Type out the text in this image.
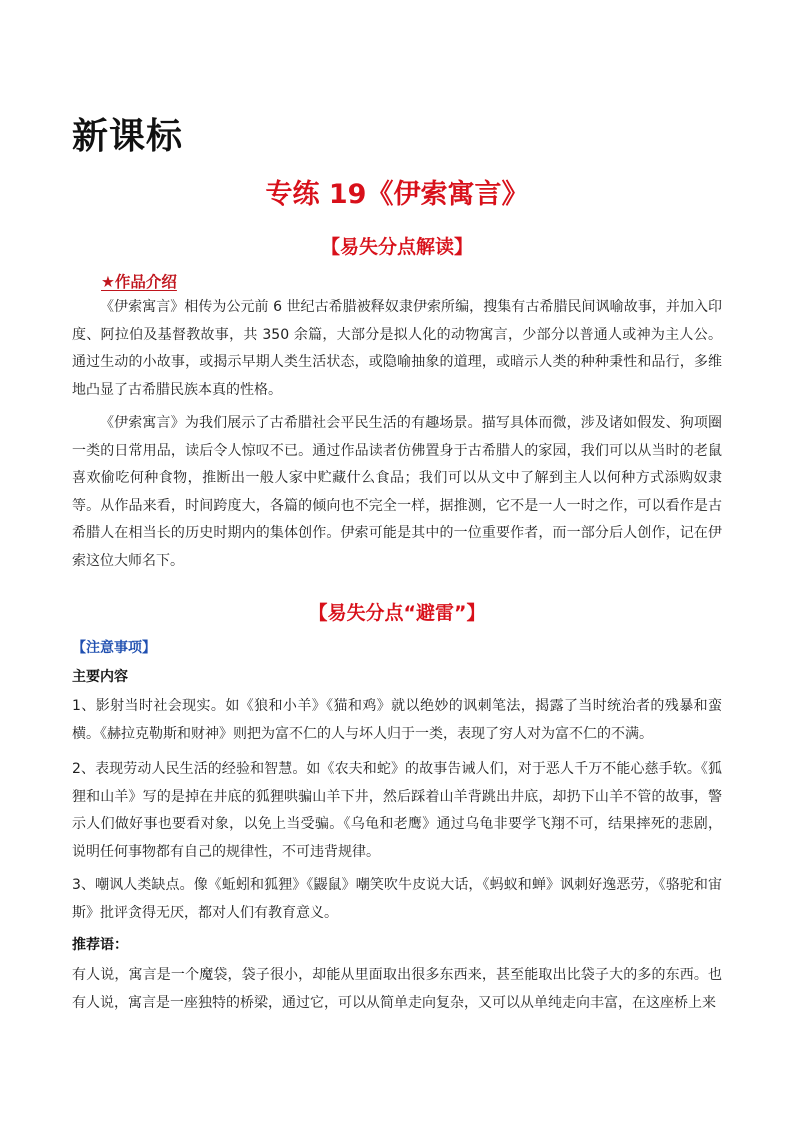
新课标
专练 19《伊索寓言》
【易失分点解读】
★作品介绍

《伊索寓言》相传为公元前 6 世纪古希腊被释奴隶伊索所编，搜集有古希腊民间讽喻故事，并加入印度、阿拉伯及基督教故事，共 350 余篇，大部分是拟人化的动物寓言，少部分以普通人或神为主人公。通过生动的小故事，或揭示早期人类生活状态，或隐喻抽象的道理，或暗示人类的种种秉性和品行，多维地凸显了古希腊民族本真的性格。

《伊索寓言》为我们展示了古希腊社会平民生活的有趣场景。描写具体而微，涉及诸如假发、狗项圈一类的日常用品，读后令人惊叹不已。通过作品读者仿佛置身于古希腊人的家园，我们可以从当时的老鼠喜欢偷吃何种食物，推断出一般人家中贮藏什么食品；我们可以从文中了解到主人以何种方式添购奴隶等。从作品来看，时间跨度大，各篇的倾向也不完全一样，据推测，它不是一人一时之作，可以看作是古希腊人在相当长的历史时期内的集体创作。伊索可能是其中的一位重要作者，而一部分后人创作，记在伊索这位大师名下。

【易失分点“避雷”】
【注意事项】
主要内容

1、影射当时社会现实。如《狼和小羊》《猫和鸡》就以绝妙的讽刺笔法，揭露了当时统治者的残暴和蛮横。《赫拉克勒斯和财神》则把为富不仁的人与坏人归于一类，表现了穷人对为富不仁的不满。

2、表现劳动人民生活的经验和智慧。如《农夫和蛇》的故事告诫人们，对于恶人千万不能心慈手软。《狐狸和山羊》写的是掉在井底的狐狸哄骗山羊下井，然后踩着山羊背跳出井底，却扔下山羊不管的故事，警示人们做好事也要看对象，以免上当受骗。《乌龟和老鹰》通过乌龟非要学飞翔不可，结果摔死的悲剧，说明任何事物都有自己的规律性，不可违背规律。

3、嘲讽人类缺点。像《蚯蚓和狐狸》《鼹鼠》嘲笑吹牛皮说大话，《蚂蚁和蝉》讽刺好逸恶劳，《骆驼和宙斯》批评贪得无厌，都对人们有教育意义。

推荐语：

有人说，寓言是一个魔袋，袋子很小，却能从里面取出很多东西来，甚至能取出比袋子大的多的东西。也有人说，寓言是一座独特的桥梁，通过它，可以从简单走向复杂，又可以从单纯走向丰富，在这座桥上来
